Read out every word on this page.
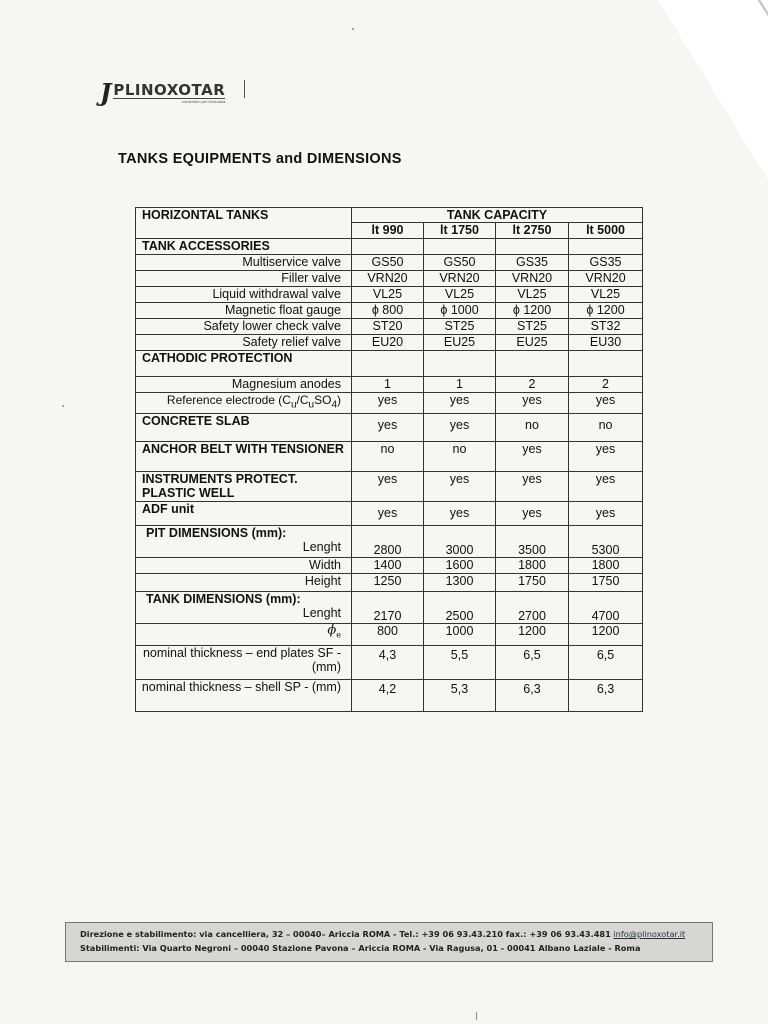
J PLINOXOTAR
contenitori per l'industria
TANKS EQUIPMENTS and DIMENSIONS
HORIZONTAL TANKS	TANK CAPACITY			
	lt 990	lt 1750	lt 2750	lt 5000
TANK ACCESSORIES				
Multiservice valve	GS50	GS50	GS35	GS35
Filler valve	VRN20	VRN20	VRN20	VRN20
Liquid withdrawal valve	VL25	VL25	VL25	VL25
Magnetic float gauge	ϕ 800	ϕ 1000	ϕ 1200	ϕ 1200
Safety lower check valve	ST20	ST25	ST25	ST32
Safety relief valve	EU20	EU25	EU25	EU30
CATHODIC PROTECTION				
Magnesium anodes	1	1	2	2
Reference electrode $(C_u/C_uSO_4)$	yes	yes	yes	yes
CONCRETE SLAB	yes	yes	no	no
ANCHOR BELT WITH TENSIONER	no	no	yes	yes
INSTRUMENTS PROTECT. PLASTIC WELL	yes	yes	yes	yes
ADF unit	yes	yes	yes	yes

PIT DIMENSIONS (mm):
Lenght	2800	3000	3500	5300
Width	1400	1600	1800	1800
Height	1250	1300	1750	1750

TANK DIMENSIONS (mm):
Lenght	2170	2500	2700	4700
$\phi_e$	800	1000	1200	1200
nominal thickness – end plates SF - (mm)	4,3	5,5	6,5	6,5
nominal thickness – shell SP - (mm)	4,2	5,3	6,3	6,3
Direzione e stabilimento: via cancelliera, 32 – 00040– Ariccia ROMA - Tel.: +39 06 93.43.210 fax.: +39 06 93.43.481 info@plinoxotar.it
Stabilimenti: Via Quarto Negroni – 00040 Stazione Pavona – Ariccia ROMA - Via Ragusa, 01 - 00041 Albano Laziale - Roma
